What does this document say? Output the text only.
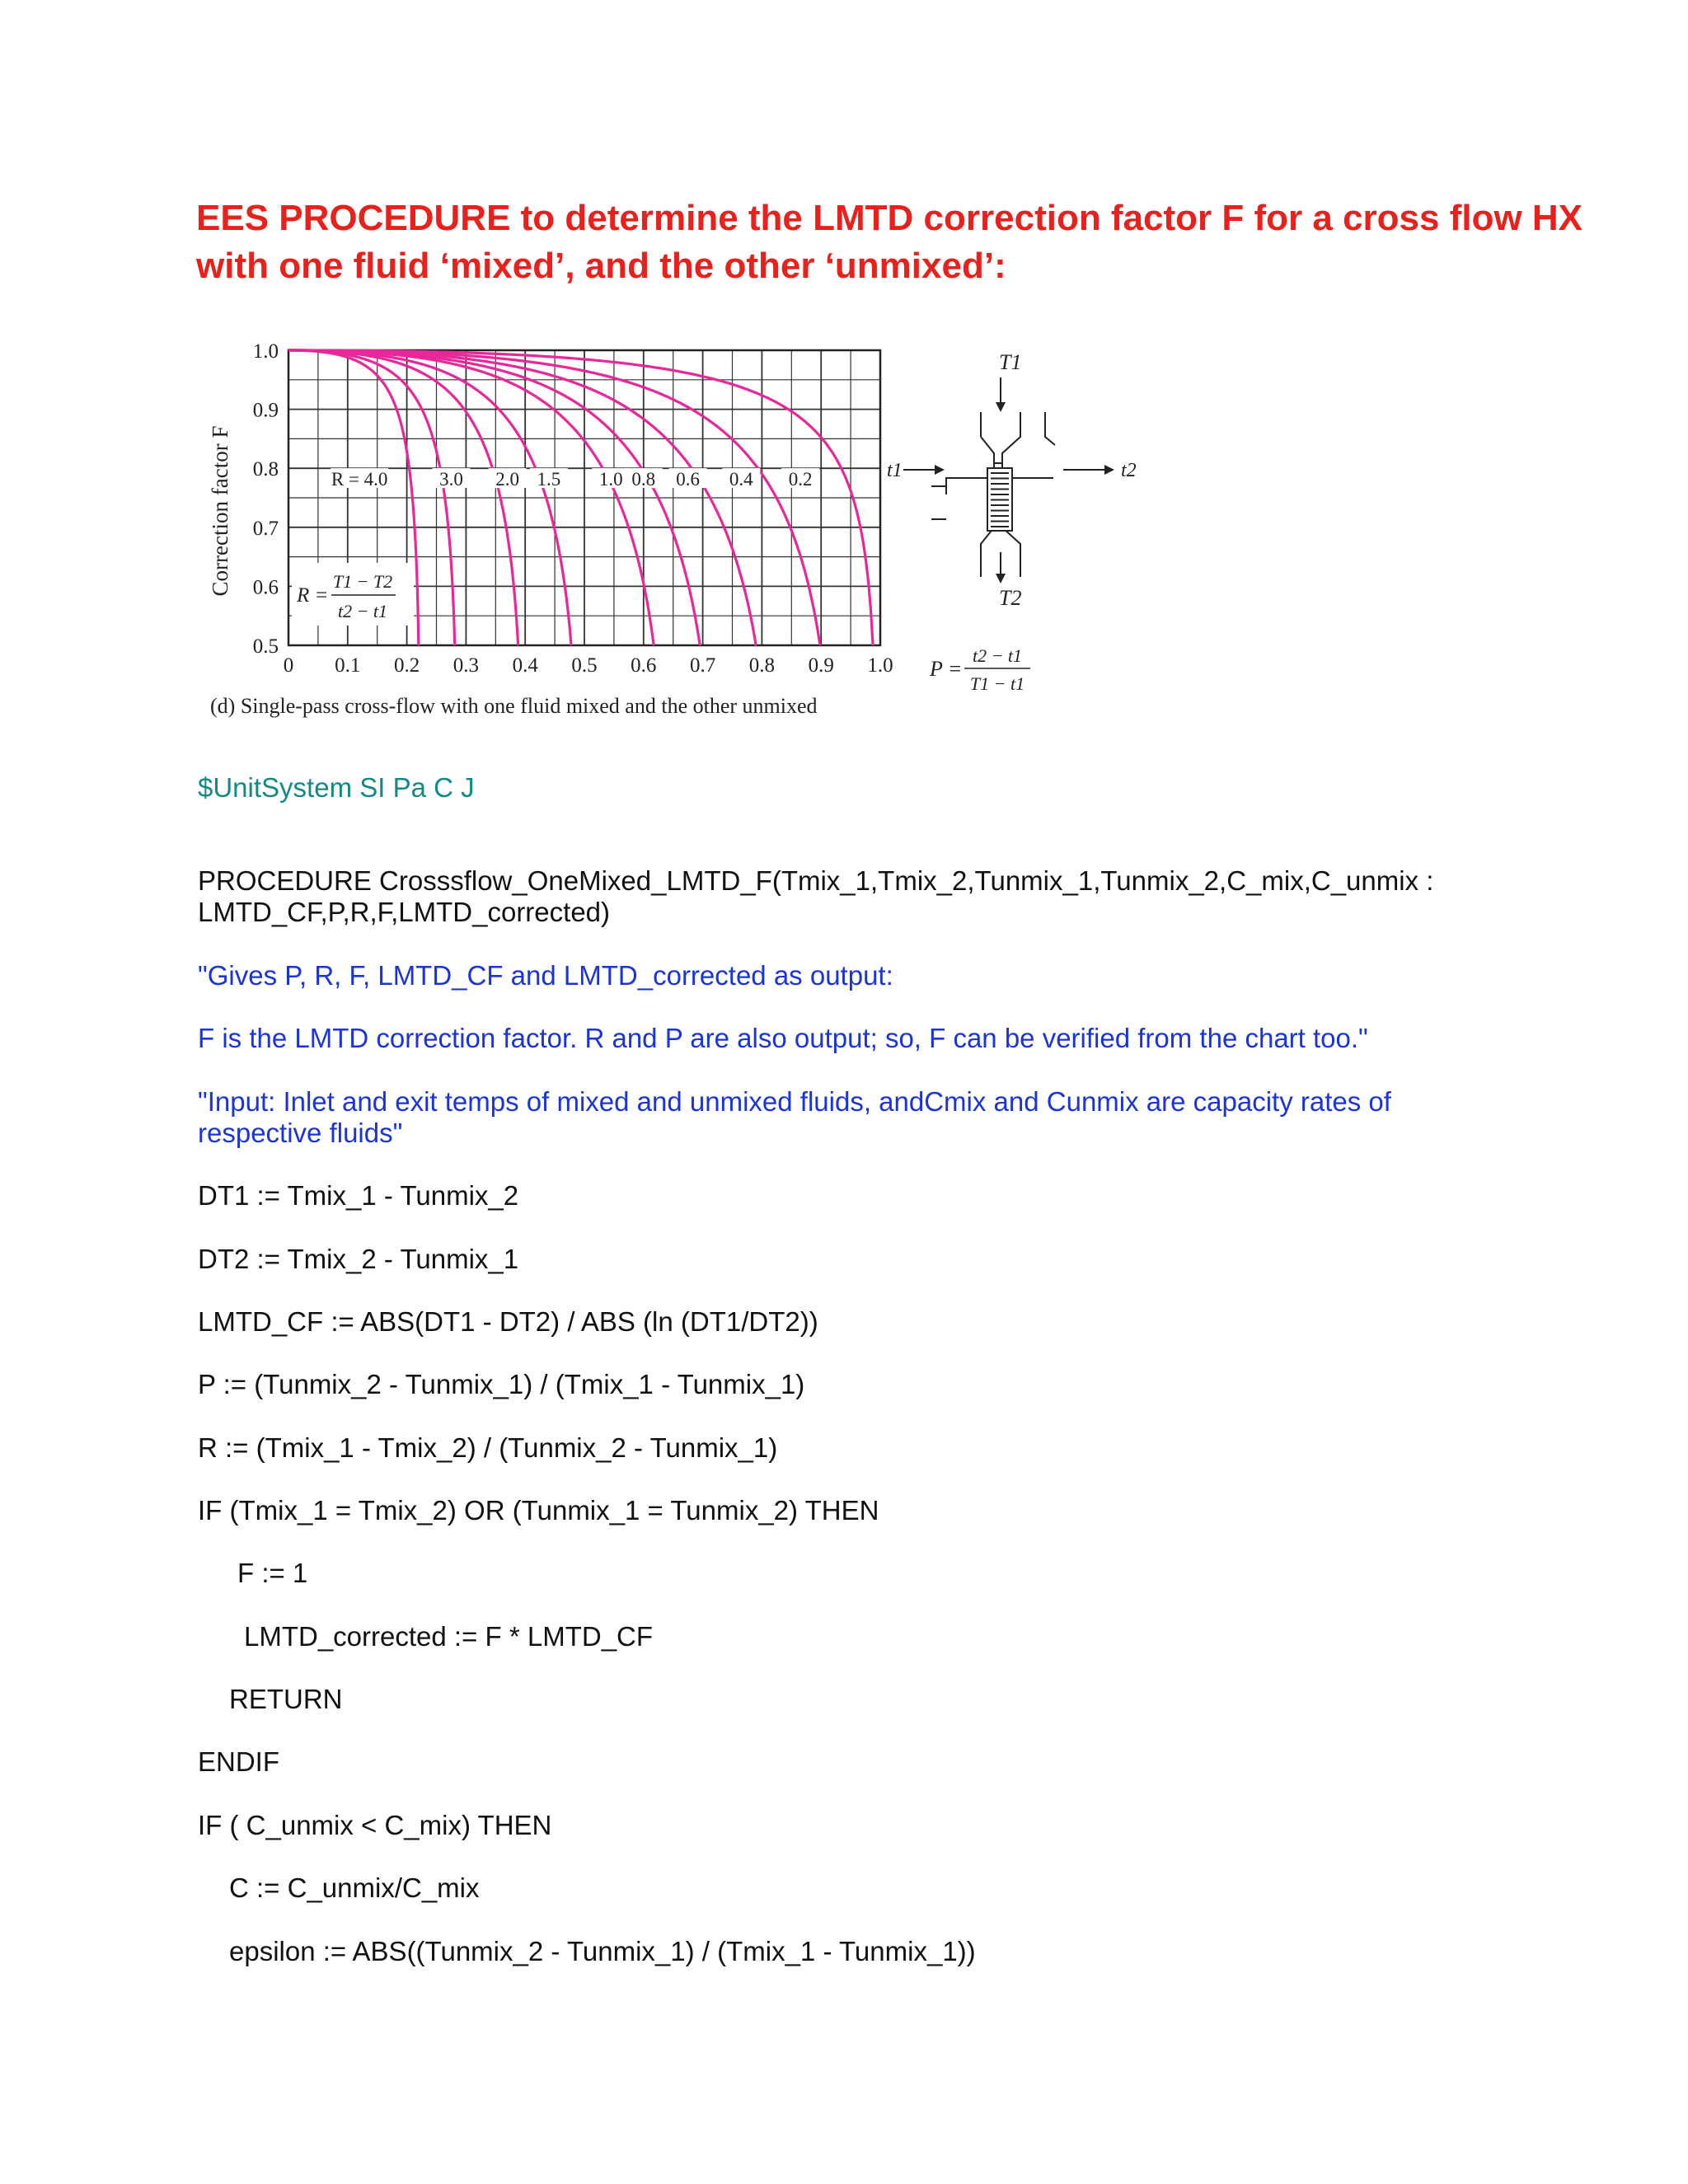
EES PROCEDURE to determine the LMTD correction factor F for a cross flow HX
with one fluid ‘mixed’, and the other ‘unmixed’:
R = 4.0	3.0 2.0 1.5 1.0 0.8 0.6 0.4 0.2
0 0.1 0.2 0.3 0.4 0.5 0.6 0.7 0.8 0.9 1.0
0.5
0.6
0.7
0.8
0.9
1.0
Correction factor F	R =
T1 − T2
t2 − t1
(d) Single-pass cross-flow with one fluid mixed and the other unmixed
P =
t2 − t1
T1 − t1
T1
T2
t1	t2
$UnitSystem SI Pa C J
PROCEDURE Crosssflow_OneMixed_LMTD_F(Tmix_1,Tmix_2,Tunmix_1,Tunmix_2,C_mix,C_unmix :
LMTD_CF,P,R,F,LMTD_corrected)
"Gives P, R, F, LMTD_CF and LMTD_corrected as output:
F is the LMTD correction factor. R and P are also output; so, F can be verified from the chart too."
"Input: Inlet and exit temps of mixed and unmixed fluids, andCmix and Cunmix are capacity rates of
respective fluids"
DT1 := Tmix_1 - Tunmix_2
DT2 := Tmix_2 - Tunmix_1
LMTD_CF := ABS(DT1 - DT2) / ABS (ln (DT1/DT2))
P := (Tunmix_2 - Tunmix_1) / (Tmix_1 - Tunmix_1)
R := (Tmix_1 - Tmix_2) / (Tunmix_2 - Tunmix_1)
IF (Tmix_1 = Tmix_2) OR (Tunmix_1 = Tunmix_2) THEN
F := 1
LMTD_corrected := F * LMTD_CF
RETURN
ENDIF
IF ( C_unmix < C_mix) THEN
C := C_unmix/C_mix
epsilon := ABS((Tunmix_2 - Tunmix_1) / (Tmix_1 - Tunmix_1))
